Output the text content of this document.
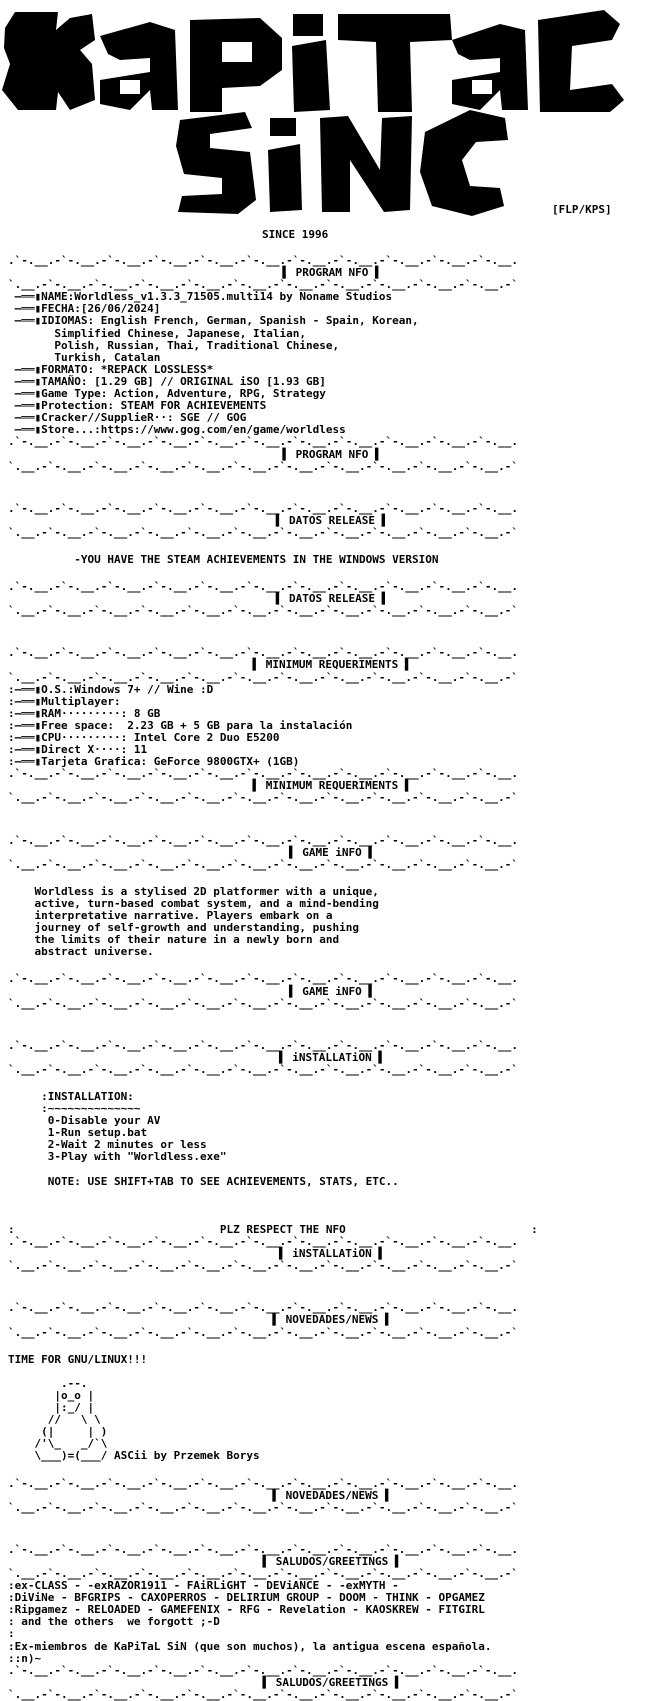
[FLP/KPS]
SINCE 1996
.`-.__.-`-.__.-`-.__.-`-.__.-`-.__.-`-.__.-`-.__.-`-.__.-`-.__.-`-.__.-`-.__.
▌ PROGRAM NFO ▌
`.__.-`-.__.-`-.__.-`-.__.-`-.__.-`-.__.-`-.__.-`-.__.-`-.__.-`-.__.-`-.__.-`
—══▮NAME:Worldless_v1.3.3_71505.multi14 by Noname Studios
—══▮FECHA:[26/06/2024]
—══▮IDIOMAS: English French, German, Spanish - Spain, Korean,
Simplified Chinese, Japanese, Italian,
Polish, Russian, Thai, Traditional Chinese,
Turkish, Catalan
—══▮FORMATO: *REPACK LOSSLESS*
—══▮TAMAÑO: [1.29 GB] // ORIGINAL iSO [1.93 GB]
—══▮Game Type: Action, Adventure, RPG, Strategy
—══▮Protection: STEAM FOR ACHIEVEMENTS
—══▮Cracker//SupplieR··: SGE // GOG
—══▮Store...:https://www.gog.com/en/game/worldless
.`-.__.-`-.__.-`-.__.-`-.__.-`-.__.-`-.__.-`-.__.-`-.__.-`-.__.-`-.__.-`-.__.
▌ PROGRAM NFO ▌
`.__.-`-.__.-`-.__.-`-.__.-`-.__.-`-.__.-`-.__.-`-.__.-`-.__.-`-.__.-`-.__.-`
.`-.__.-`-.__.-`-.__.-`-.__.-`-.__.-`-.__.-`-.__.-`-.__.-`-.__.-`-.__.-`-.__.
▌ DATOS RELEASE ▌
`.__.-`-.__.-`-.__.-`-.__.-`-.__.-`-.__.-`-.__.-`-.__.-`-.__.-`-.__.-`-.__.-`
-YOU HAVE THE STEAM ACHIEVEMENTS IN THE WINDOWS VERSION
.`-.__.-`-.__.-`-.__.-`-.__.-`-.__.-`-.__.-`-.__.-`-.__.-`-.__.-`-.__.-`-.__.
▌ DATOS RELEASE ▌
`.__.-`-.__.-`-.__.-`-.__.-`-.__.-`-.__.-`-.__.-`-.__.-`-.__.-`-.__.-`-.__.-`
.`-.__.-`-.__.-`-.__.-`-.__.-`-.__.-`-.__.-`-.__.-`-.__.-`-.__.-`-.__.-`-.__.
▌ MINIMUM REQUERIMENTS ▌
`.__.-`-.__.-`-.__.-`-.__.-`-.__.-`-.__.-`-.__.-`-.__.-`-.__.-`-.__.-`-.__.-`
:—══▮O.S.:Windows 7+ // Wine :D
:—══▮Multiplayer:
:—══▮RAM·········: 8 GB
:—══▮Free space:  2.23 GB + 5 GB para la instalación
:—══▮CPU·········: Intel Core 2 Duo E5200
:—══▮Direct X····: 11
:—══▮Tarjeta Grafica: GeForce 9800GTX+ (1GB)
.`-.__.-`-.__.-`-.__.-`-.__.-`-.__.-`-.__.-`-.__.-`-.__.-`-.__.-`-.__.-`-.__.
▌ MINIMUM REQUERIMENTS ▌
`.__.-`-.__.-`-.__.-`-.__.-`-.__.-`-.__.-`-.__.-`-.__.-`-.__.-`-.__.-`-.__.-`
.`-.__.-`-.__.-`-.__.-`-.__.-`-.__.-`-.__.-`-.__.-`-.__.-`-.__.-`-.__.-`-.__.
▌ GAME iNFO ▌
`.__.-`-.__.-`-.__.-`-.__.-`-.__.-`-.__.-`-.__.-`-.__.-`-.__.-`-.__.-`-.__.-`
Worldless is a stylised 2D platformer with a unique,
active, turn-based combat system, and a mind-bending
interpretative narrative. Players embark on a
journey of self-growth and understanding, pushing
the limits of their nature in a newly born and
abstract universe.
.`-.__.-`-.__.-`-.__.-`-.__.-`-.__.-`-.__.-`-.__.-`-.__.-`-.__.-`-.__.-`-.__.
▌ GAME iNFO ▌
`.__.-`-.__.-`-.__.-`-.__.-`-.__.-`-.__.-`-.__.-`-.__.-`-.__.-`-.__.-`-.__.-`
.`-.__.-`-.__.-`-.__.-`-.__.-`-.__.-`-.__.-`-.__.-`-.__.-`-.__.-`-.__.-`-.__.
▌ iNSTALLATiON ▌
`.__.-`-.__.-`-.__.-`-.__.-`-.__.-`-.__.-`-.__.-`-.__.-`-.__.-`-.__.-`-.__.-`
:INSTALLATION:
:~~~~~~~~~~~~~~
0-Disable your AV
1-Run setup.bat
2-Wait 2 minutes or less
3-Play with "Worldless.exe"

NOTE: USE SHIFT+TAB TO SEE ACHIEVEMENTS, STATS, ETC..

:                               PLZ RESPECT THE NFO                            :
.`-.__.-`-.__.-`-.__.-`-.__.-`-.__.-`-.__.-`-.__.-`-.__.-`-.__.-`-.__.-`-.__.
▌ iNSTALLATiON ▌
`.__.-`-.__.-`-.__.-`-.__.-`-.__.-`-.__.-`-.__.-`-.__.-`-.__.-`-.__.-`-.__.-`
.`-.__.-`-.__.-`-.__.-`-.__.-`-.__.-`-.__.-`-.__.-`-.__.-`-.__.-`-.__.-`-.__.
▌ NOVEDADES/NEWS ▌
`.__.-`-.__.-`-.__.-`-.__.-`-.__.-`-.__.-`-.__.-`-.__.-`-.__.-`-.__.-`-.__.-`
TIME FOR GNU/LINUX!!!

.--.
|o_o |
|:_/ |
//   \ \
(|     | )
/'\_   _/`\
\___)=(___/ ASCii by Przemek Borys
.`-.__.-`-.__.-`-.__.-`-.__.-`-.__.-`-.__.-`-.__.-`-.__.-`-.__.-`-.__.-`-.__.
▌ NOVEDADES/NEWS ▌
`.__.-`-.__.-`-.__.-`-.__.-`-.__.-`-.__.-`-.__.-`-.__.-`-.__.-`-.__.-`-.__.-`
.`-.__.-`-.__.-`-.__.-`-.__.-`-.__.-`-.__.-`-.__.-`-.__.-`-.__.-`-.__.-`-.__.
▌ SALUDOS/GREETINGS ▌
`.__.-`-.__.-`-.__.-`-.__.-`-.__.-`-.__.-`-.__.-`-.__.-`-.__.-`-.__.-`-.__.-`
:ex-CLASS - -exRAZOR1911 - FAiRLiGHT - DEViANCE - -exMYTH -
:DiViNe - BFGRIPS - CAXOPERROS - DELIRIUM GROUP - DOOM - THINK - OPGAMEZ
:Ripgamez - RELOADED - GAMEFENIX - RFG - Revelation - KAOSKREW - FITGIRL
: and the others  we forgott ;-D
:
:Ex-miembros de KaPiTaL SiN (que son muchos), la antigua escena española.
::n)~
.`-.__.-`-.__.-`-.__.-`-.__.-`-.__.-`-.__.-`-.__.-`-.__.-`-.__.-`-.__.-`-.__.
▌ SALUDOS/GREETINGS ▌
`.__.-`-.__.-`-.__.-`-.__.-`-.__.-`-.__.-`-.__.-`-.__.-`-.__.-`-.__.-`-.__.-`
